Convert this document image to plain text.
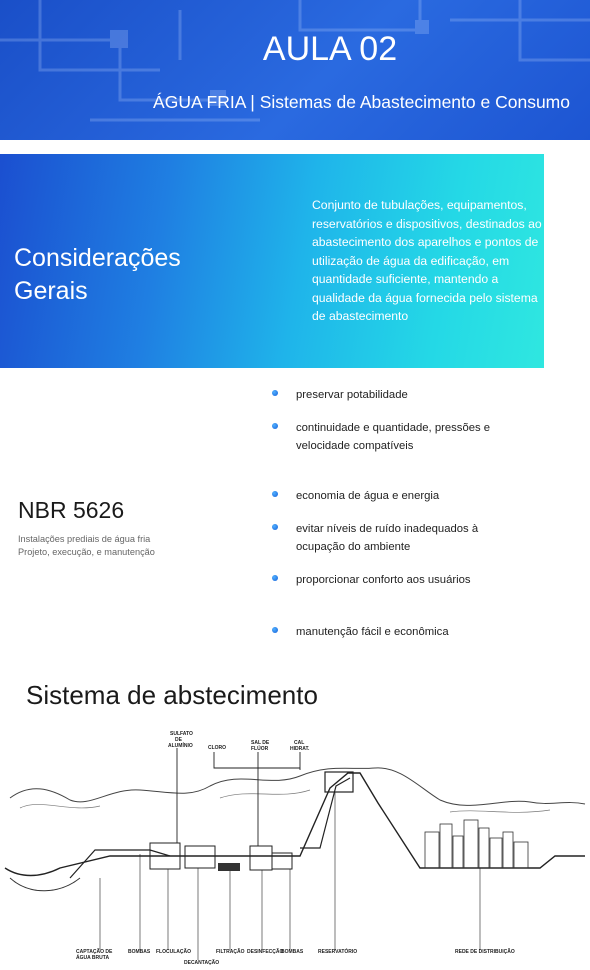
AULA 02
ÁGUA FRIA | Sistemas de Abastecimento e Consumo
Considerações
Gerais
Conjunto de tubulações, equipamentos, reservatórios e dispositivos, destinados ao abastecimento dos aparelhos e pontos de utilização de água da edificação, em quantidade suficiente, mantendo a qualidade da água fornecida pelo sistema de abastecimento
NBR 5626
Instalações prediais de água fria
Projeto, execução, e manutenção
preservar potabilidade
continuidade e quantidade, pressões e
velocidade compatíveis
economia de água e energia
evitar níveis de ruído inadequados à
ocupação do ambiente
proporcionar conforto aos usuários
manutenção fácil e econômica
Sistema de abstecimento
SULFATO
DE
ALUMÍNIO	CLORO
SAL DE
FLÚOR
CAL
HIDRAT.
CAPTAÇÃO DE
ÁGUA BRUTA
BOMBAS FLOCULAÇÃO
DECANTAÇÃO
FILTRAÇÃO DESINFECÇÃO
BOMBAS	RESERVATÓRIO	REDE DE DISTRIBUIÇÃO
